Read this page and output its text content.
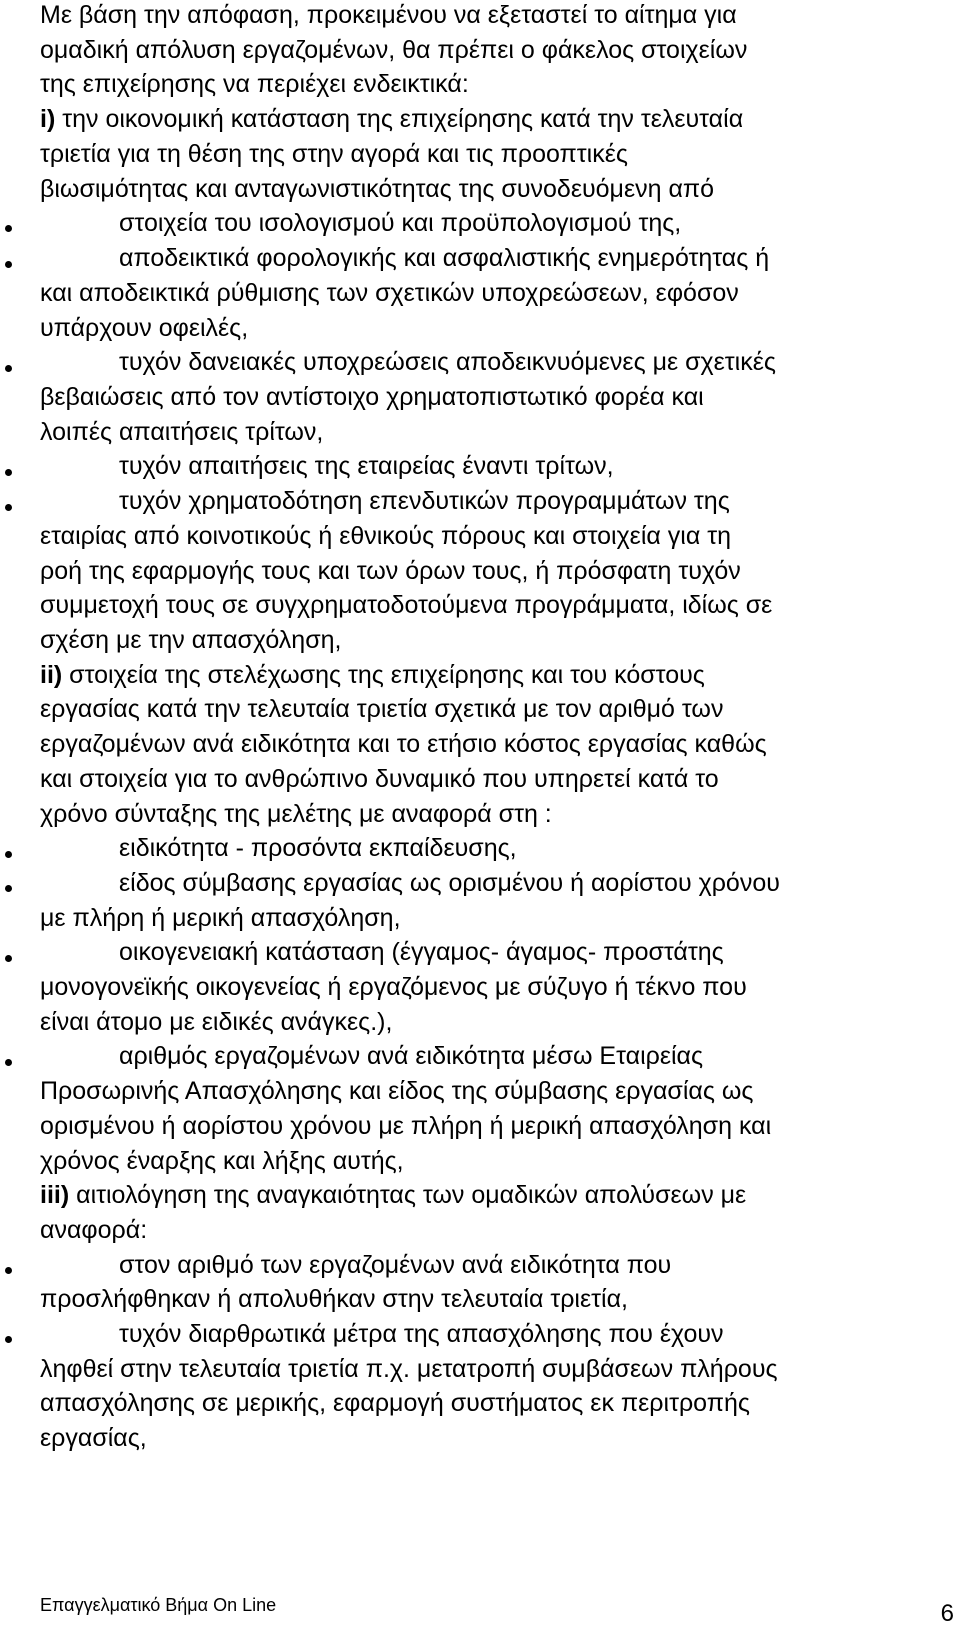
Με βάση την απόφαση, προκειμένου να εξεταστεί το αίτημα για
ομαδική απόλυση εργαζομένων, θα πρέπει ο φάκελος στοιχείων
της επιχείρησης να περιέχει ενδεικτικά:
i) την οικονομική κατάσταση της επιχείρησης κατά την τελευταία
τριετία για τη θέση της στην αγορά και τις προοπτικές
βιωσιμότητας και ανταγωνιστικότητας της συνοδευόμενη από
στοιχεία του ισολογισμού και προϋπολογισμού της,
αποδεικτικά φορολογικής και ασφαλιστικής ενημερότητας ή
και αποδεικτικά ρύθμισης των σχετικών υποχρεώσεων, εφόσον
υπάρχουν οφειλές,
τυχόν δανειακές υποχρεώσεις αποδεικνυόμενες με σχετικές
βεβαιώσεις από τον αντίστοιχο χρηματοπιστωτικό φορέα και
λοιπές απαιτήσεις τρίτων,
τυχόν απαιτήσεις της εταιρείας έναντι τρίτων,
τυχόν χρηματοδότηση επενδυτικών προγραμμάτων της
εταιρίας από κοινοτικούς ή εθνικούς πόρους και στοιχεία για τη
ροή της εφαρμογής τους και των όρων τους, ή πρόσφατη τυχόν
συμμετοχή τους σε συγχρηματοδοτούμενα προγράμματα, ιδίως σε
σχέση με την απασχόληση,
ii) στοιχεία της στελέχωσης της επιχείρησης και του κόστους
εργασίας κατά την τελευταία τριετία σχετικά με τον αριθμό των
εργαζομένων ανά ειδικότητα και το ετήσιο κόστος εργασίας καθώς
και στοιχεία για το ανθρώπινο δυναμικό που υπηρετεί κατά το
χρόνο σύνταξης της μελέτης με αναφορά στη :
ειδικότητα - προσόντα εκπαίδευσης,
είδος σύμβασης εργασίας ως ορισμένου ή αορίστου χρόνου
με πλήρη ή μερική απασχόληση,
οικογενειακή κατάσταση (έγγαμος- άγαμος- προστάτης
μονογονεϊκής οικογενείας ή εργαζόμενος με σύζυγο ή τέκνο που
είναι άτομο με ειδικές ανάγκες.),
αριθμός εργαζομένων ανά ειδικότητα μέσω Εταιρείας
Προσωρινής Απασχόλησης και είδος της σύμβασης εργασίας ως
ορισμένου ή αορίστου χρόνου με πλήρη ή μερική απασχόληση και
χρόνος έναρξης και λήξης αυτής,
iii) αιτιολόγηση της αναγκαιότητας των ομαδικών απολύσεων με
αναφορά:
στον αριθμό των εργαζομένων ανά ειδικότητα που
προσλήφθηκαν ή απολυθήκαν στην τελευταία τριετία,
τυχόν διαρθρωτικά μέτρα της απασχόλησης που έχουν
ληφθεί στην τελευταία τριετία π.χ. μετατροπή συμβάσεων πλήρους
απασχόλησης σε μερικής, εφαρμογή συστήματος εκ περιτροπής
εργασίας,
Επαγγελματικό Βήμα On Line	6
